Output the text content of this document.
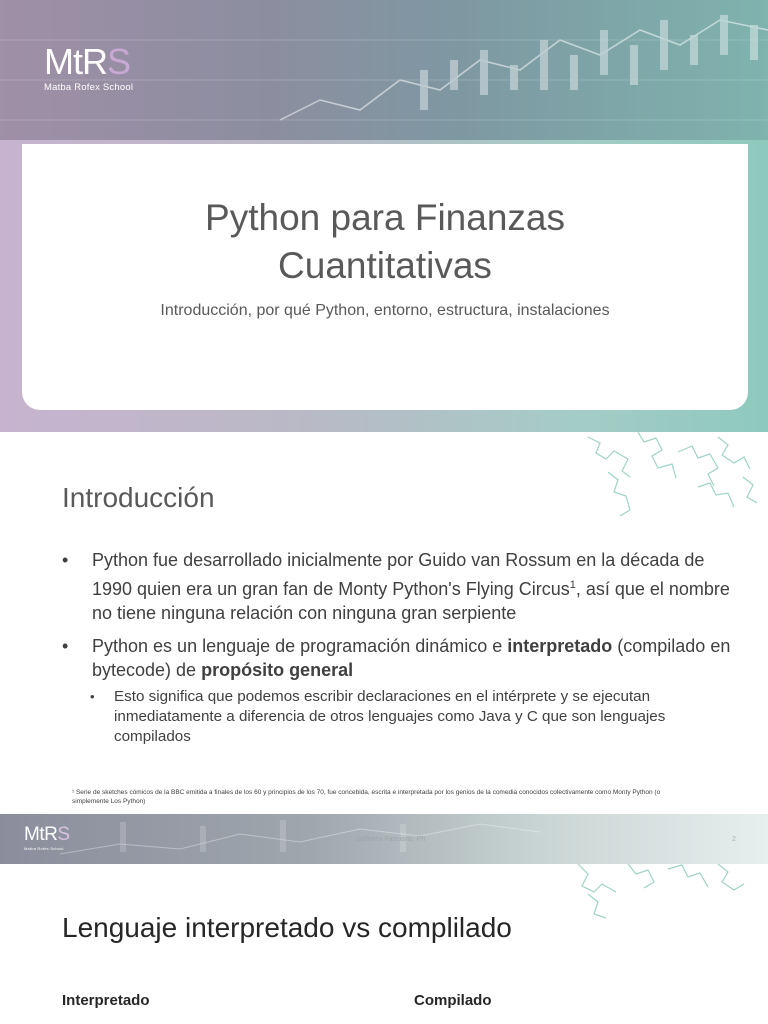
MtRS
Matba Rofex School
Python para Finanzas
Cuantitativas

Introducción, por qué Python, entorno, estructura, instalaciones

Introducción
• Python fue desarrollado inicialmente por Guido van Rossum en la década de 1990 quien era un gran fan de Monty Python's Flying Circus$^1$, así que el nombre no tiene ninguna relación con ninguna gran serpiente
• Python es un lenguaje de programación dinámico e interpretado (compilado en bytecode) de propósito general
• Esto significa que podemos escribir declaraciones en el intérprete y se ejecutan inmediatamente a diferencia de otros lenguajes como Java y C que son lenguajes compilados
¹ Serie de sketches cómicos de la BBC emitida a finales de los 60 y principios de los 70, fue concebida, escrita e interpretada por los genios de la comedia conocidos colectivamente como Monty Python (o simplemente Los Python)
MtRS
Matba Rofex School
Gabriela Facciano, Ph	2
Lenguaje interpretado vs complilado
Interpretado	Compilado
